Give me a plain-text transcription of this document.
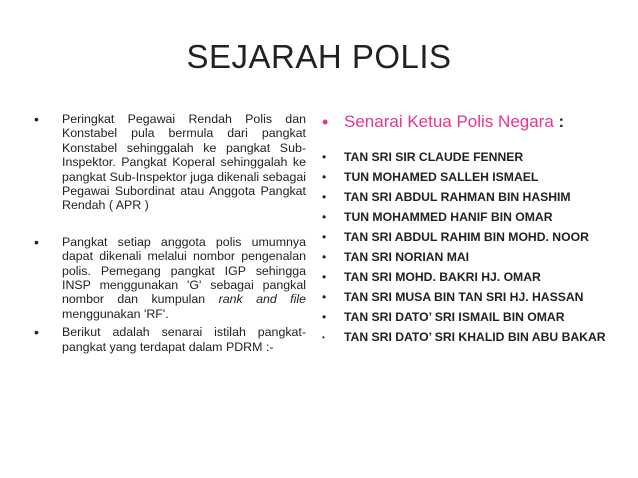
SEJARAH POLIS
•	Peringkat Pegawai Rendah Polis dan Konstabel pula bermula dari pangkat Konstabel sehinggalah ke pangkat Sub-Inspektor. Pangkat Koperal sehinggalah ke pangkat Sub-Inspektor juga dikenali sebagai Pegawai Subordinat atau Anggota Pangkat Rendah ( APR )
•	Pangkat setiap anggota polis umumnya dapat dikenali melalui nombor pengenalan polis. Pemegang pangkat IGP sehingga INSP menggunakan 'G' sebagai pangkal nombor dan kumpulan rank and file menggunakan 'RF'.
•	Berikut adalah senarai istilah pangkat-pangkat yang terdapat dalam PDRM :-
• Senarai Ketua Polis Negara :
•	TAN SRI SIR CLAUDE FENNER
•	TUN MOHAMED SALLEH ISMAEL
•	TAN SRI ABDUL RAHMAN BIN HASHIM
•	TUN MOHAMMED HANIF BIN OMAR
•	TAN SRI ABDUL RAHIM BIN MOHD. NOOR
•	TAN SRI NORIAN MAI
•	TAN SRI MOHD. BAKRI HJ. OMAR
•	TAN SRI MUSA BIN TAN SRI HJ. HASSAN
•	TAN SRI DATO’ SRI ISMAIL BIN OMAR
•	TAN SRI DATO’ SRI KHALID BIN ABU BAKAR
